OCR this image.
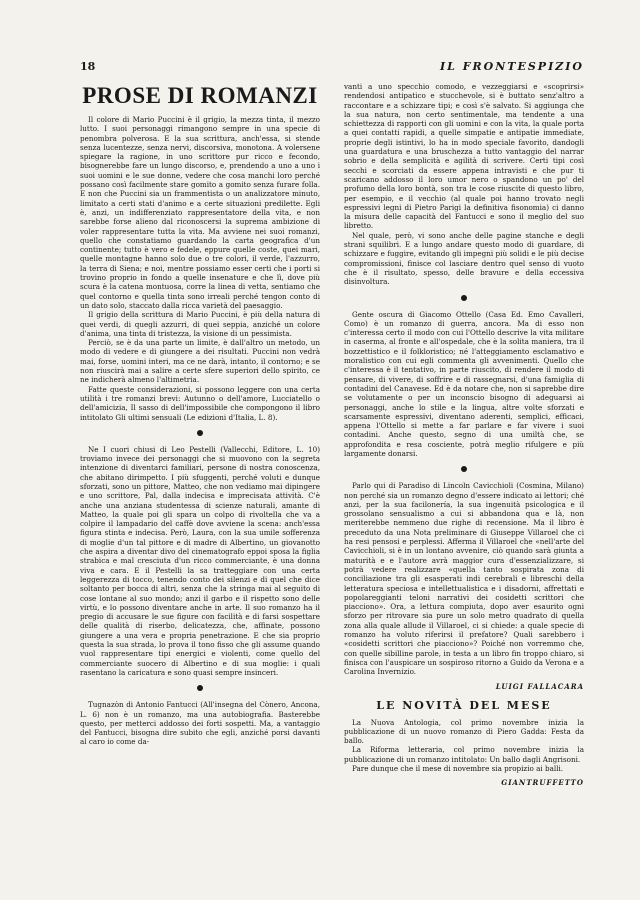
18	IL FRONTESPIZIO
PROSE DI ROMANZI

Il colore di Mario Puccini è il grigio, la mezza tinta, il mezzo lutto. I suoi personaggi rimangono sempre in una specie di penombra polverosa. E la sua scrittura, anch'essa, si stende senza lucentezze, senza nervi, discorsiva, monotona. A volersene spiegare la ragione, in uno scrittore pur ricco e fecondo, bisognerebbe fare un lungo discorso, e, prendendo a uno a uno i suoi uomini e le sue donne, vedere che cosa manchi loro perché possano così facilmente stare gomito a gomito senza furare folla. E non che Puccini sia un frammentista o un analizzatore minuto, limitato a certi stati d'animo e a certe situazioni predilette. Egli è, anzi, un indifferenziato rappresentatore della vita, e non sarebbe forse alieno dal riconoscersi la suprema ambizione di voler rappresentare tutta la vita. Ma avviene nei suoi romanzi, quello che constatiamo guardando la carta geografica d'un continente; tutto è vero e fedele, eppure quelle coste, quei mari, quelle montagne hanno solo due o tre colori, il verde, l'azzurro, la terra di Siena; e noi, mentre possiamo esser certi che i porti si trovino proprio in fondo a quelle insenature e che lì, dove più scura è la catena montuosa, corre la linea di vetta, sentiamo che quel contorno e quella tinta sono irreali perché tengon conto di un dato solo, staccato dalla ricca varietà del paesaggio.

Il grigio della scrittura di Mario Puccini, è più della natura di quei verdi, di quegli azzurri, di quei seppia, anziché un colore d'anima, una tinta di tristezza, la visione di un pessimista.

Perciò, se è da una parte un limite, è dall'altro un metodo, un modo di vedere e di giungere a dei risultati. Puccini non vedrà mai, forse, uomini interi, ma ce ne darà, intanto, il contorno; e se non riuscirà mai a salire a certe sfere superiori dello spirito, ce ne indicherà almeno l'altimetria.

Fatte queste considerazioni, si possono leggere con una certa utilità i tre romanzi brevi: Autunno o dell'amore, Lucciatello o dell'amicizia, Il sasso di dell'impossibile che compongono il libro intitolato Gli ultimi sensuali (Le edizioni d'Italia, L. 8).

Ne I cuori chiusi di Leo Pestelli (Vallecchi, Editore, L. 10) troviamo invece dei personaggi che si muovono con la segreta intenzione di diventarci familiari, persone di nostra conoscenza, che abitano dirimpetto. I più sfuggenti, perché voluti e dunque sforzati, sono un pittore, Matteo, che non vediamo mai dipingere e uno scrittore, Pal, dalla indecisa e imprecisata attività. C'è anche una anziana studentessa di scienze naturali, amante di Matteo, la quale poi gli spara un colpo di rivoltella che va a colpire il lampadario del caffè dove avviene la scena: anch'essa figura stinta e indecisa. Però, Laura, con la sua umile sofferenza di moglie d'un tal pittore e di madre di Albertino, un giovanotto che aspira a diventar divo del cinematografo eppoi sposa la figlia strabica e mal cresciuta d'un ricco commerciante, è una donna viva e cara. E il Pestelli la sa tratteggiare con una certa leggerezza di tocco, tenendo conto dei silenzi e di quel che dice soltanto per bocca di altri, senza che la stringa mai al seguito di cose lontane al suo mondo; anzi il garbo e il rispetto sono delle virtù, e lo possono diventare anche in arte. Il suo romanzo ha il pregio di accusare le sue figure con facilità e di farsi sospettare delle qualità di riserbo, delicatezza, che, affinate, possono giungere a una vera e propria penetrazione. E che sia proprio questa la sua strada, lo prova il tono fisso che gli assume quando vuol rappresentare tipi energici e violenti, come quello del commerciante suocero di Albertino e di sua moglie: i quali rasentano la caricatura e sono quasi sempre insinceri.

Tugnazòn di Antonio Fantucci (All'insegna del Cònero, Ancona, L. 6) non è un romanzo, ma una autobiografia. Basterebbe questo, per metterci addosso dei forti sospetti. Ma, a vantaggio del Fantucci, bisogna dire subito che egli, anziché porsi davanti al caro io come da-

vanti a uno specchio comodo, e vezzeggiarsi e «scoprirsi» rendendosi antipatico e stucchevole, si è buttato senz'altro a raccontare e a schizzare tipi; e così s'è salvato. Si aggiunga che la sua natura, non certo sentimentale, ma tendente a una schiettezza di rapporti con gli uomini e con la vita, la quale porta a quei contatti rapidi, a quelle simpatie e antipatie immediate, proprie degli istintivi, lo ha in modo speciale favorito, dandogli una guardatura e una bruschezza a tutto vantaggio del narrar sobrio e della semplicità e agilità di scrivere. Certi tipi così secchi e scorciati da essere appena intravisti e che pur ti scaricano addosso il loro umor nero o spandono un po' del profumo della loro bontà, son tra le cose riuscite di questo libro, per esempio, e il vecchio (al quale poi hanno trovato negli espressivi legni di Pietro Parigi la definitiva fisonomia) ci danno la misura delle capacità del Fantucci e sono il meglio del suo libretto.

Nel quale, però, vi sono anche delle pagine stanche e degli strani squilibri. E a lungo andare questo modo di guardare, di schizzare e fuggire, evitando gli impegni più solidi e le più decise compromissioni, finisce col lasciare dentro quel senso di vuoto che è il risultato, spesso, delle bravure e della eccessiva disinvoltura.

Gente oscura di Giacomo Ottello (Casa Ed. Emo Cavalleri, Como) è un romanzo di guerra, ancora. Ma di esso non c'interessa certo il modo con cui l'Ottello descrive la vita militare in caserma, al fronte e all'ospedale, che è la solita maniera, tra il bozzettistico e il folkloristico; né l'atteggiamento esclamativo e moralistico con cui egli commenta gli avvenimenti. Quello che c'interessa è il tentativo, in parte riuscito, di rendere il modo di pensare, di vivere, di soffrire e di rassegnarsi, d'una famiglia di contadini del Canavese. Ed è da notare che, non si saprebbe dire se volutamente o per un inconscio bisogno di adeguarsi ai personaggi, anche lo stile e la lingua, altre volte sforzati e scarsamente espressivi, diventano aderenti, semplici, efficaci, appena l'Ottello si mette a far parlare e far vivere i suoi contadini. Anche questo, segno di una umiltà che, se approfondita e resa cosciente, potrà meglio rifulgere e più largamente donarsi.

Parlo qui di Paradiso di Lincoln Cavicchioli (Cosmina, Milano) non perché sia un romanzo degno d'essere indicato ai lettori; ché anzi, per la sua facilonería, la sua ingenuità psicologica e il grossolano sensualismo a cui si abbandona qua e là, non meriterebbe nemmeno due righe di recensione. Ma il libro è preceduto da una Nota preliminare di Giuseppe Villaroel che ci ha resi pensosi e perplessi. Afferma il Villaroel che «nell'arte del Cavicchioli, si è in un lontano avvenire, ciò quando sarà giunta a maturità e e l'autore avrà maggior cura d'essenzializzare, si potrà vedere realizzare «quella tanto sospirata zona di conciliazione tra gli esasperati indi cerebrali e libreschi della letteratura speciosa e intellettualistica e i disadorni, affrettati e popolareggianti teloni narrativi dei cosidetti scrittori che piacciono». Ora, a lettura compiuta, dopo aver esaurito ogni sforzo per ritrovare sia pure un solo metro quadrato di quella zona alla quale allude il Villaroel, ci si chiede: a quale specie di romanzo ha voluto riferirsi il prefatore? Quali sarebbero i «cosidetti scrittori che piacciono»? Poiché non vorremmo che, con quelle sibilline parole, in testa a un libro fin troppo chiaro, si finisca con l'auspicare un sospiroso ritorno a Guido da Verona e a Carolina Invernizio.

LUIGI FALLACARA
LE NOVITÀ DEL MESE

La Nuova Antologia, col primo novembre inizia la pubblicazione di un nuovo romanzo di Piero Gadda: Festa da ballo.

La Riforma letteraria, col primo novembre inizia la pubblicazione di un romanzo intitolato: Un ballo dagli Angrisoni.

Pare dunque che il mese di novembre sia propizio ai balli.

GIANTRUFFETTO
